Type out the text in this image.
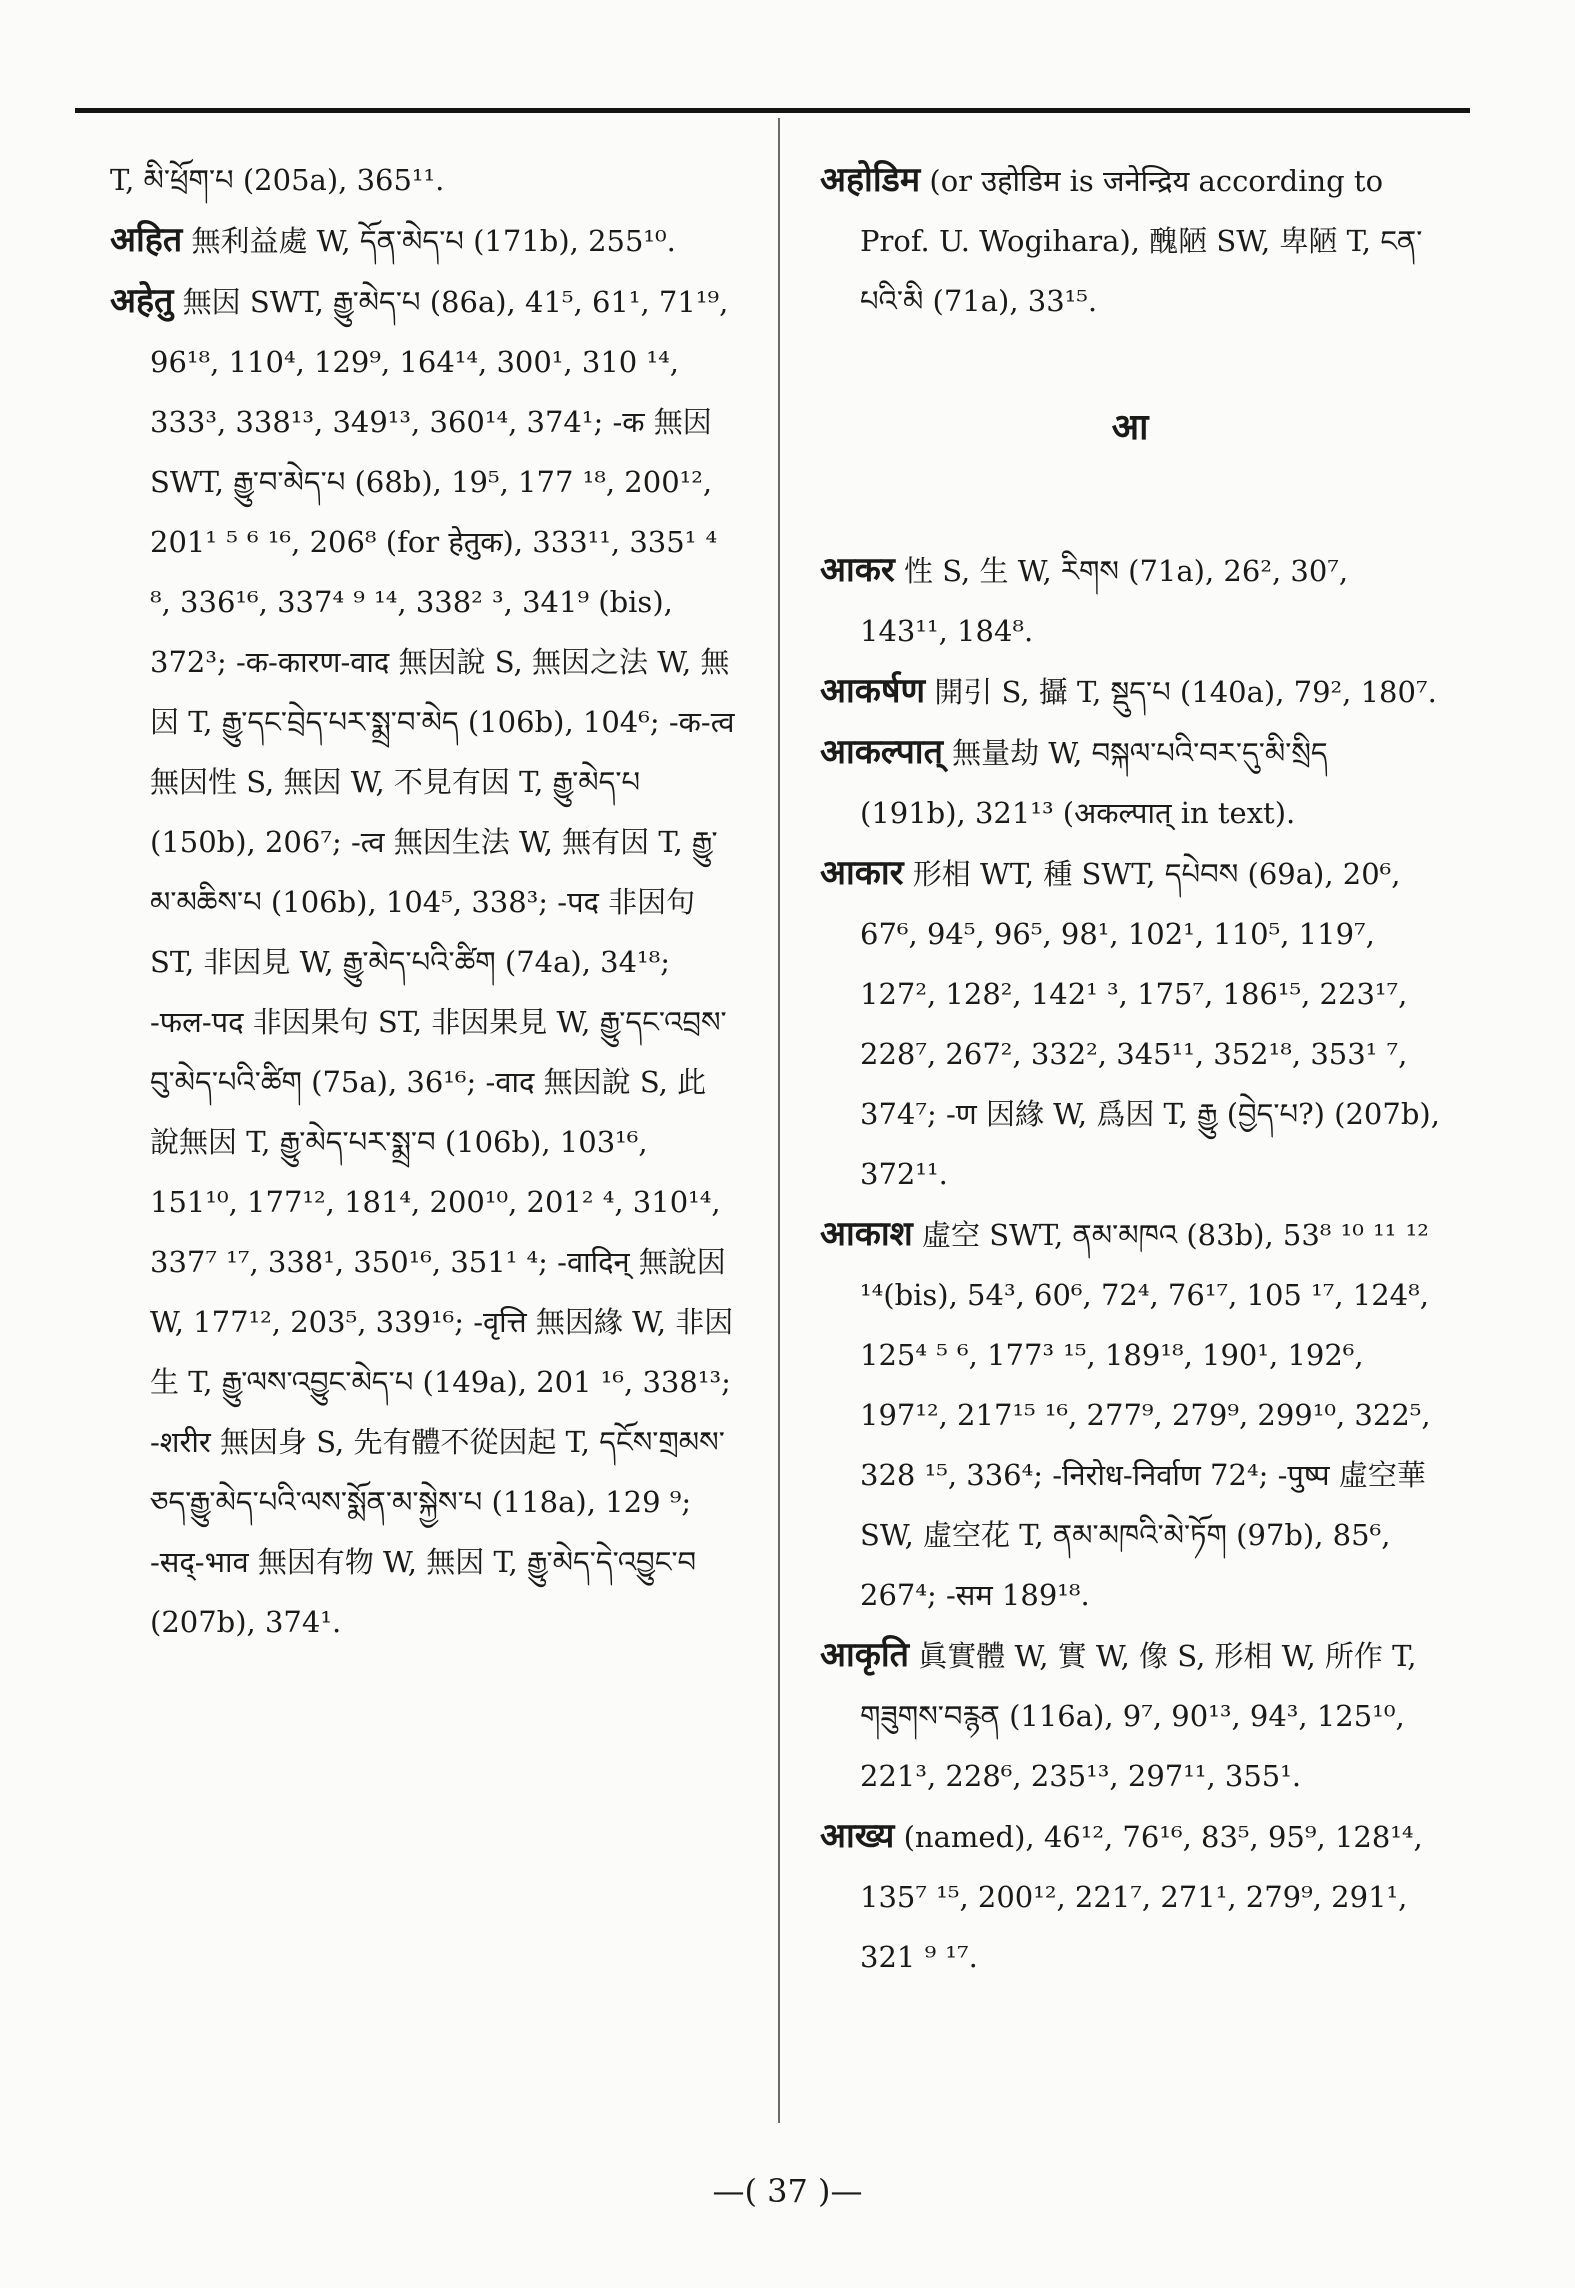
T, མི་ཕྲོག་པ (205a), 365¹¹.

अहित 無利益處 W, དོན་མེད་པ (171b), 255¹⁰.

अहेतु 無因 SWT, རྒྱུ་མེད་པ (86a), 41⁵, 61¹, 71¹⁹, 96¹⁸, 110⁴, 129⁹, 164¹⁴, 300¹, 310 ¹⁴, 333³, 338¹³, 349¹³, 360¹⁴, 374¹; -क 無因 SWT, རྒྱུ་བ་མེད་པ (68b), 19⁵, 177 ¹⁸, 200¹², 201¹ ⁵ ⁶ ¹⁶, 206⁸ (for हेतुक), 333¹¹, 335¹ ⁴ ⁸, 336¹⁶, 337⁴ ⁹ ¹⁴, 338² ³, 341⁹ (bis), 372³; -क-कारण-वाद 無因說 S, 無因之法 W, 無因 T, རྒྱུ་དང་བྲེད་པར་སྨྲ་བ་མེད (106b), 104⁶; -क-त्व 無因性 S, 無因 W, 不見有因 T, རྒྱུ་མེད་པ (150b), 206⁷; -त्व 無因生法 W, 無有因 T, རྒྱུ་མ་མཆིས་པ (106b), 104⁵, 338³; -पद 非因句 ST, 非因見 W, རྒྱུ་མེད་པའི་ཚིག (74a), 34¹⁸; -फल-पद 非因果句 ST, 非因果見 W, རྒྱུ་དང་འབྲས་བུ་མེད་པའི་ཚིག (75a), 36¹⁶; -वाद 無因說 S, 此說無因 T, རྒྱུ་མེད་པར་སྨྲ་བ (106b), 103¹⁶, 151¹⁰, 177¹², 181⁴, 200¹⁰, 201² ⁴, 310¹⁴, 337⁷ ¹⁷, 338¹, 350¹⁶, 351¹ ⁴; -वादिन् 無說因 W, 177¹², 203⁵, 339¹⁶; -वृत्ति 無因緣 W, 非因生 T, རྒྱུ་ལས་འབྱུང་མེད་པ (149a), 201 ¹⁶, 338¹³; -शरीर 無因身 S, 先有體不從因起 T, དངོས་གྲམས་ཅད་རྒྱུ་མེད་པའི་ལས་སྨོན་མ་སྐྱེས་པ (118a), 129 ⁹; -सद्-भाव 無因有物 W, 無因 T, རྒྱུ་མེད་དེ་འབྱུང་བ (207b), 374¹.

अहोडिम (or उहोडिम is जनेन्द्रिय according to Prof. U. Wogihara), 醜陋 SW, 卑陋 T, ངན་པའི་མི (71a), 33¹⁵.

आ

आकर 性 S, 生 W, རིགས (71a), 26², 30⁷, 143¹¹, 184⁸.

आकर्षण 開引 S, 攝 T, སྡུད་པ (140a), 79², 180⁷.

आकल्पात् 無量劫 W, བསྐལ་པའི་བར་དུ་མི་སྲིད (191b), 321¹³ (अकल्पात् in text).

आकार 形相 WT, 種 SWT, དཔེབས (69a), 20⁶, 67⁶, 94⁵, 96⁵, 98¹, 102¹, 110⁵, 119⁷, 127², 128², 142¹ ³, 175⁷, 186¹⁵, 223¹⁷, 228⁷, 267², 332², 345¹¹, 352¹⁸, 353¹ ⁷, 374⁷; -ण 因緣 W, 爲因 T, རྒྱུ (བྱེད་པ?) (207b), 372¹¹.

आकाश 虛空 SWT, ནམ་མཁའ (83b), 53⁸ ¹⁰ ¹¹ ¹² ¹⁴(bis), 54³, 60⁶, 72⁴, 76¹⁷, 105 ¹⁷, 124⁸, 125⁴ ⁵ ⁶, 177³ ¹⁵, 189¹⁸, 190¹, 192⁶, 197¹², 217¹⁵ ¹⁶, 277⁹, 279⁹, 299¹⁰, 322⁵, 328 ¹⁵, 336⁴; -निरोध-निर्वाण 72⁴; -पुष्प 虛空華 SW, 虛空花 T, ནམ་མཁའི་མེ་ཏོག (97b), 85⁶, 267⁴; -सम 189¹⁸.

आकृति 眞實體 W, 實 W, 像 S, 形相 W, 所作 T, གཟུགས་བརྙན (116a), 9⁷, 90¹³, 94³, 125¹⁰, 221³, 228⁶, 235¹³, 297¹¹, 355¹.

आख्य (named), 46¹², 76¹⁶, 83⁵, 95⁹, 128¹⁴, 135⁷ ¹⁵, 200¹², 221⁷, 271¹, 279⁹, 291¹, 321 ⁹ ¹⁷.

—( 37 )—
